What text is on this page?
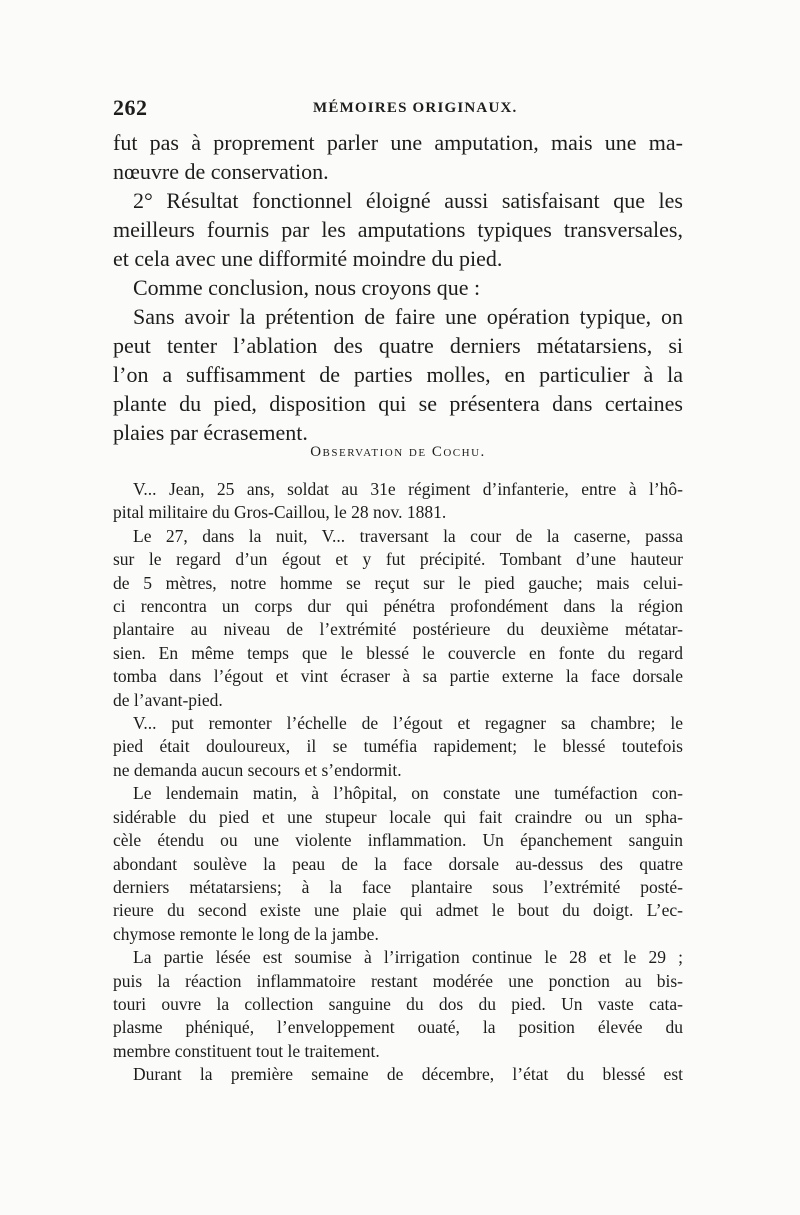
262	MÉMOIRES ORIGINAUX.
fut pas à proprement parler une amputation, mais une ma-
nœuvre de conservation.
2° Résultat fonctionnel éloigné aussi satisfaisant que les
meilleurs fournis par les amputations typiques transversales,
et cela avec une difformité moindre du pied.
Comme conclusion, nous croyons que :
Sans avoir la prétention de faire une opération typique, on
peut tenter l’ablation des quatre derniers métatarsiens, si
l’on a suffisamment de parties molles, en particulier à la
plante du pied, disposition qui se présentera dans certaines
plaies par écrasement.
Observation de Cochu.
V... Jean, 25 ans, soldat au 31e régiment d’infanterie, entre à l’hô-
pital militaire du Gros-Caillou, le 28 nov. 1881.
Le 27, dans la nuit, V... traversant la cour de la caserne, passa
sur le regard d’un égout et y fut précipité. Tombant d’une hauteur
de 5 mètres, notre homme se reçut sur le pied gauche; mais celui-
ci rencontra un corps dur qui pénétra profondément dans la région
plantaire au niveau de l’extrémité postérieure du deuxième métatar-
sien. En même temps que le blessé le couvercle en fonte du regard
tomba dans l’égout et vint écraser à sa partie externe la face dorsale
de l’avant-pied.
V... put remonter l’échelle de l’égout et regagner sa chambre; le
pied était douloureux, il se tuméfia rapidement; le blessé toutefois
ne demanda aucun secours et s’endormit.
Le lendemain matin, à l’hôpital, on constate une tuméfaction con-
sidérable du pied et une stupeur locale qui fait craindre ou un spha-
cèle étendu ou une violente inflammation. Un épanchement sanguin
abondant soulève la peau de la face dorsale au-dessus des quatre
derniers métatarsiens; à la face plantaire sous l’extrémité posté-
rieure du second existe une plaie qui admet le bout du doigt. L’ec-
chymose remonte le long de la jambe.
La partie lésée est soumise à l’irrigation continue le 28 et le 29 ;
puis la réaction inflammatoire restant modérée une ponction au bis-
touri ouvre la collection sanguine du dos du pied. Un vaste cata-
plasme phéniqué, l’enveloppement ouaté, la position élevée du
membre constituent tout le traitement.
Durant la première semaine de décembre, l’état du blessé est
